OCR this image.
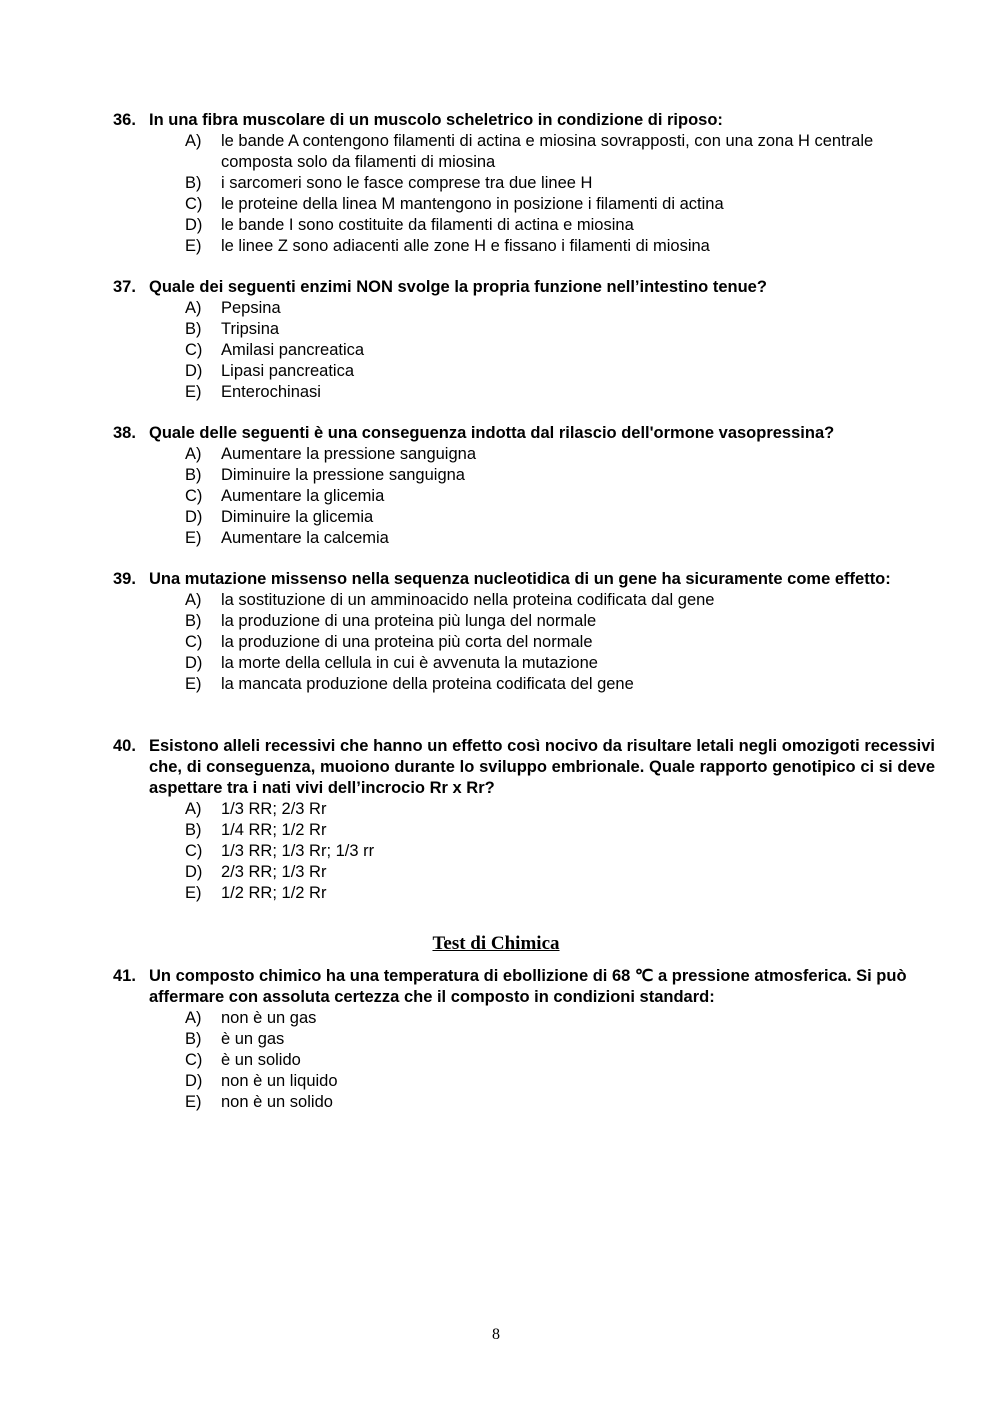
36. In una fibra muscolare di un muscolo scheletrico in condizione di riposo:
A)	le bande A contengono filamenti di actina e miosina sovrapposti, con una zona H centrale composta solo da filamenti di miosina
B)	i sarcomeri sono le fasce comprese tra due linee H
C)	le proteine della linea M mantengono in posizione i filamenti di actina
D)	le bande I sono costituite da filamenti di actina e miosina
E)	le linee Z sono adiacenti alle zone H e fissano i filamenti di miosina
37. Quale dei seguenti enzimi NON svolge la propria funzione nell’intestino tenue?
A)	Pepsina
B)	Tripsina
C)	Amilasi pancreatica
D)	Lipasi pancreatica
E)	Enterochinasi
38. Quale delle seguenti è una conseguenza indotta dal rilascio dell'ormone vasopressina?
A)	Aumentare la pressione sanguigna
B)	Diminuire la pressione sanguigna
C)	Aumentare la glicemia
D)	Diminuire la glicemia
E)	Aumentare la calcemia
39. Una mutazione missenso nella sequenza nucleotidica di un gene ha sicuramente come effetto:
A)	la sostituzione di un amminoacido nella proteina codificata dal gene
B)	la produzione di una proteina più lunga del normale
C)	la produzione di una proteina più corta del normale
D)	la morte della cellula in cui è avvenuta la mutazione
E)	la mancata produzione della proteina codificata del gene
40. Esistono alleli recessivi che hanno un effetto così nocivo da risultare letali negli omozigoti recessivi che, di conseguenza, muoiono durante lo sviluppo embrionale. Quale rapporto genotipico ci si deve aspettare tra i nati vivi dell’incrocio Rr x Rr?
A)	1/3 RR; 2/3 Rr
B)	1/4 RR; 1/2 Rr
C)	1/3 RR; 1/3 Rr; 1/3 rr
D)	2/3 RR; 1/3 Rr
E)	1/2 RR; 1/2 Rr
Test di Chimica
41. Un composto chimico ha una temperatura di ebollizione di 68 ℃ a pressione atmosferica. Si può affermare con assoluta certezza che il composto in condizioni standard:
A)	non è un gas
B)	è un gas
C)	è un solido
D)	non è un liquido
E)	non è un solido
8
